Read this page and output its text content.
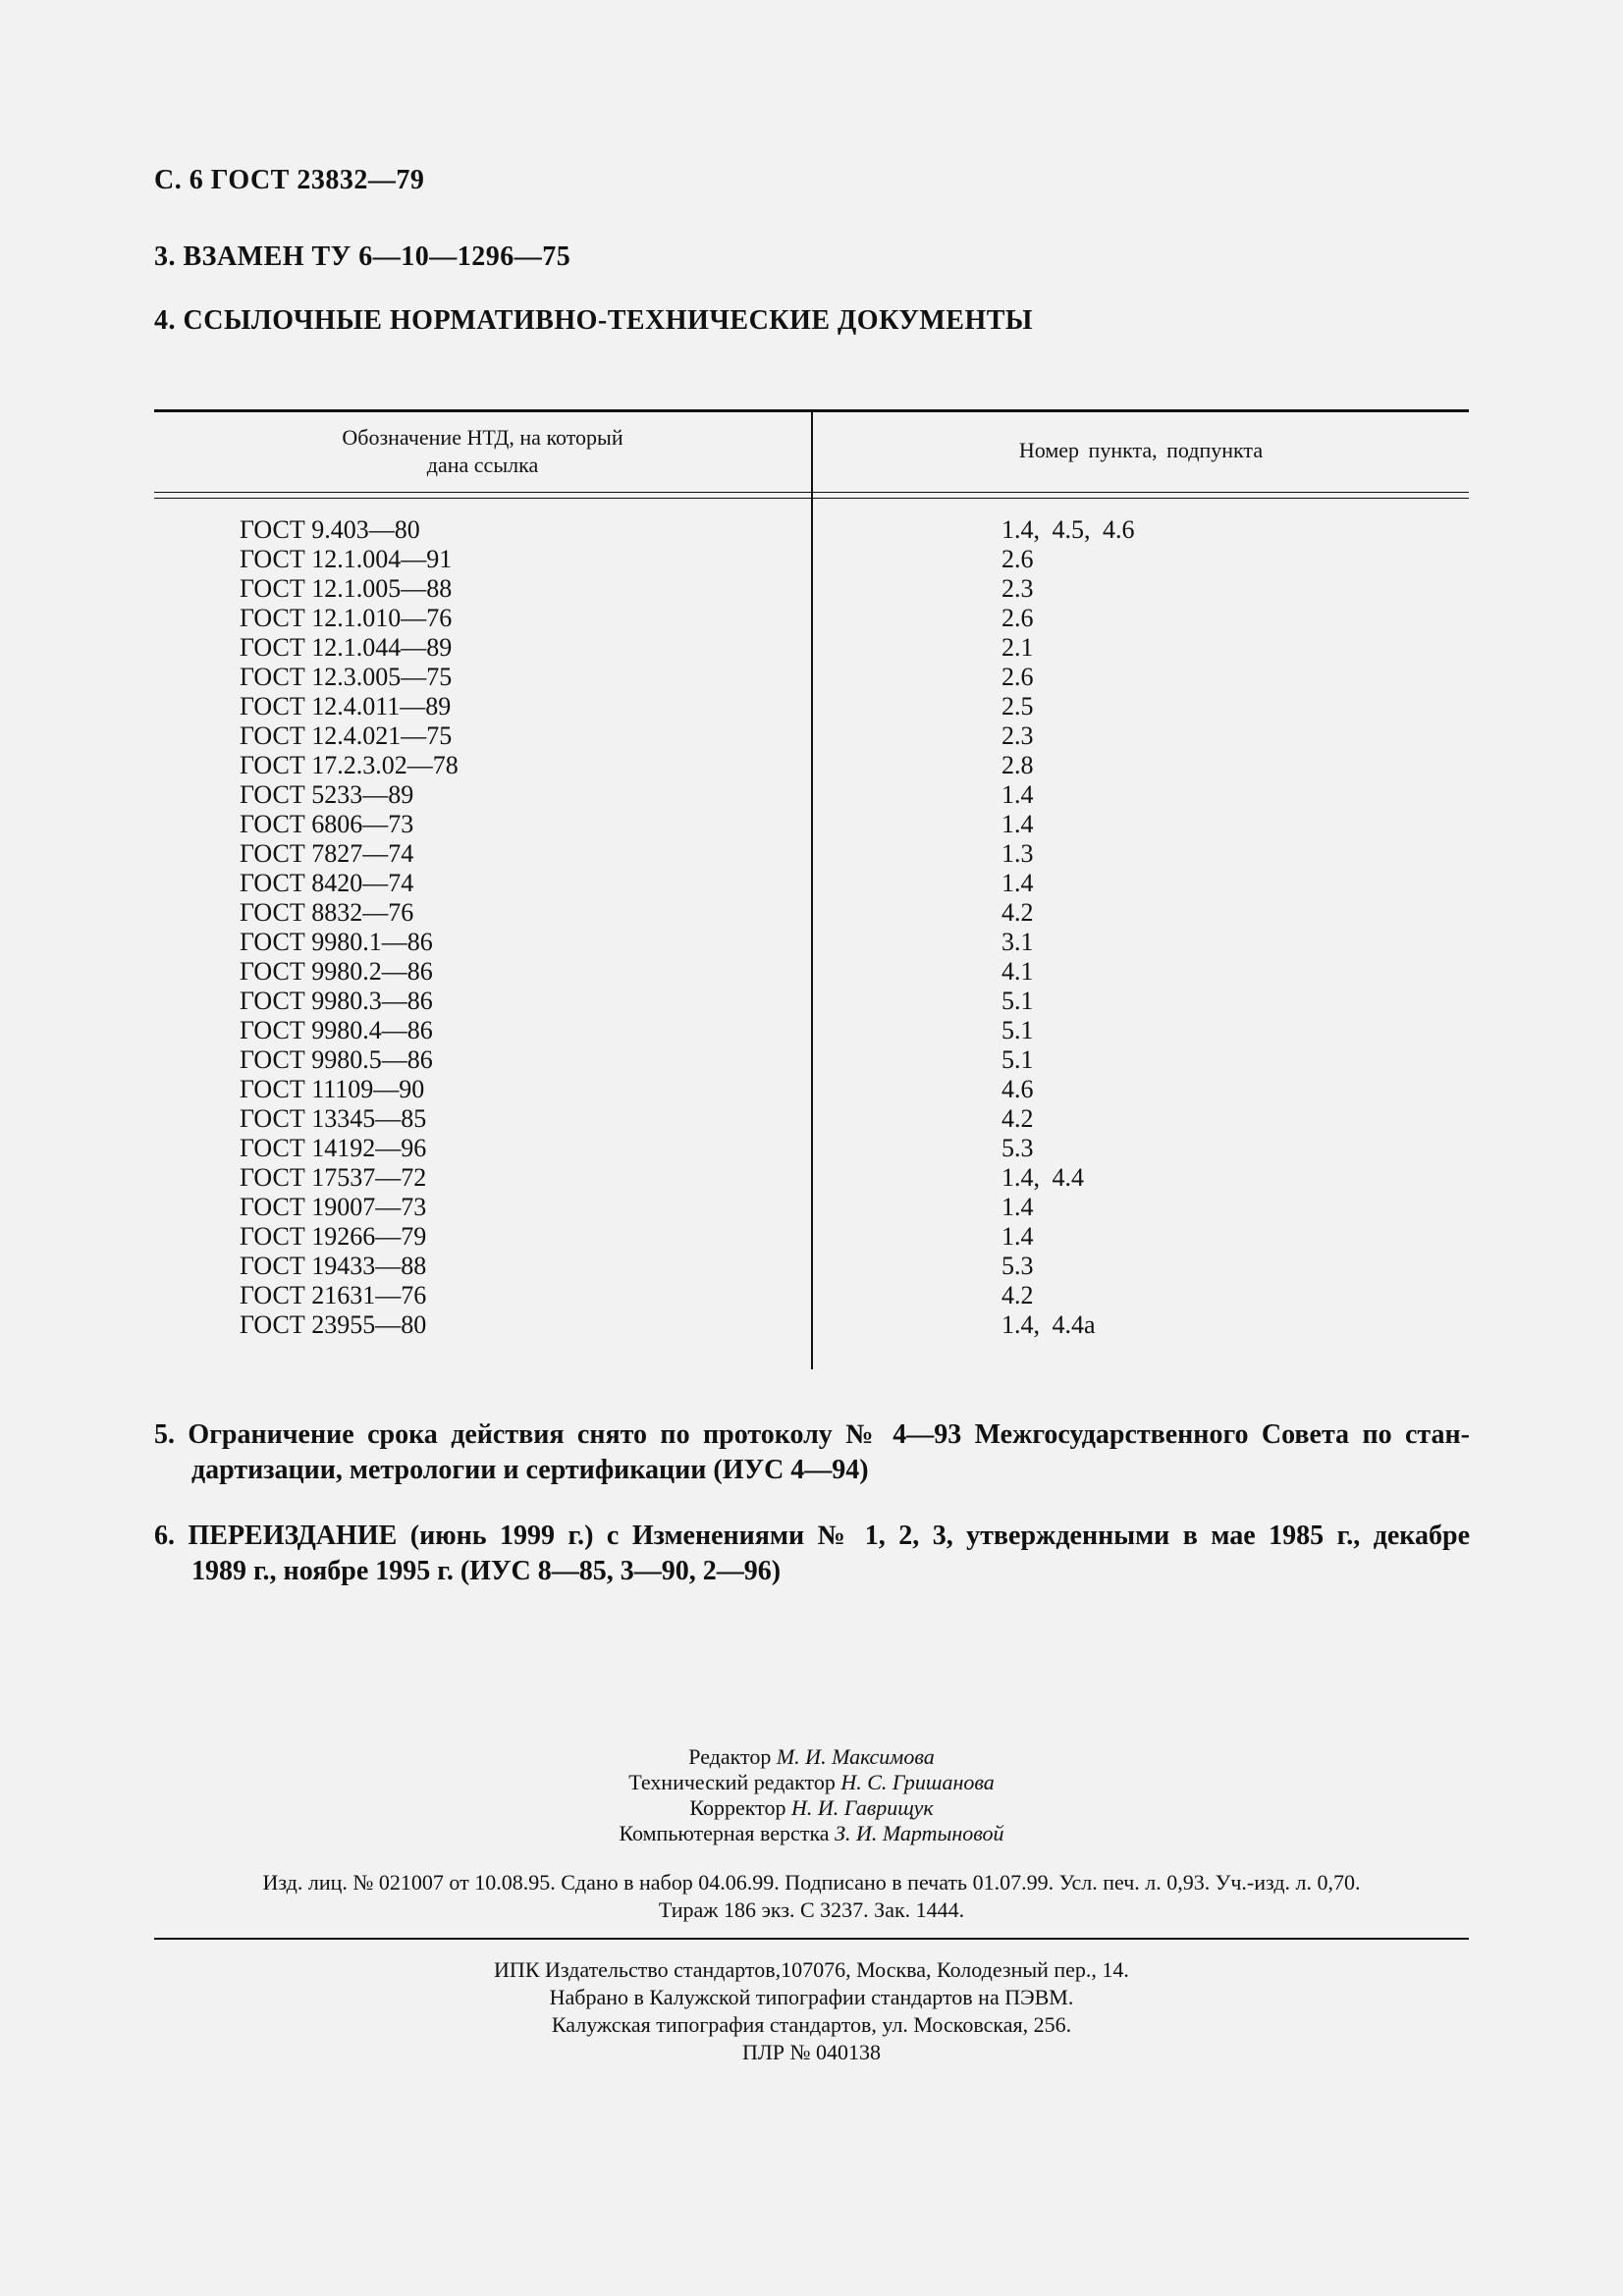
С. 6 ГОСТ 23832—79
3. ВЗАМЕН ТУ 6—10—1296—75
4. ССЫЛОЧНЫЕ НОРМАТИВНО-ТЕХНИЧЕСКИЕ ДОКУМЕНТЫ
Обозначение НТД, на который
дана ссылка
Номер пункта, подпункта
ГОСТ 9.403—80
ГОСТ 12.1.004—91
ГОСТ 12.1.005—88
ГОСТ 12.1.010—76
ГОСТ 12.1.044—89
ГОСТ 12.3.005—75
ГОСТ 12.4.011—89
ГОСТ 12.4.021—75
ГОСТ 17.2.3.02—78
ГОСТ 5233—89
ГОСТ 6806—73
ГОСТ 7827—74
ГОСТ 8420—74
ГОСТ 8832—76
ГОСТ 9980.1—86
ГОСТ 9980.2—86
ГОСТ 9980.3—86
ГОСТ 9980.4—86
ГОСТ 9980.5—86
ГОСТ 11109—90
ГОСТ 13345—85
ГОСТ 14192—96
ГОСТ 17537—72
ГОСТ 19007—73
ГОСТ 19266—79
ГОСТ 19433—88
ГОСТ 21631—76
ГОСТ 23955—80
1.4, 4.5, 4.6
2.6
2.3
2.6
2.1
2.6
2.5
2.3
2.8
1.4
1.4
1.3
1.4
4.2
3.1
4.1
5.1
5.1
5.1
4.6
4.2
5.3
1.4, 4.4
1.4
1.4
5.3
4.2
1.4, 4.4а
5. Ограничение срока действия снято по протоколу № 4—93 Межгосударственного Совета по стан-
дартизации, метрологии и сертификации (ИУС 4—94)
6. ПЕРЕИЗДАНИЕ (июнь 1999 г.) с Изменениями № 1, 2, 3, утвержденными в мае 1985 г., декабре
1989 г., ноябре 1995 г. (ИУС 8—85, 3—90, 2—96)
Редактор М. И. Максимова
Технический редактор Н. С. Гришанова
Корректор Н. И. Гаврищук
Компьютерная верстка З. И. Мартыновой
Изд. лиц. № 021007 от 10.08.95. Сдано в набор 04.06.99. Подписано в печать 01.07.99. Усл. печ. л. 0,93. Уч.-изд. л. 0,70.
Тираж 186 экз. С 3237. Зак. 1444.
ИПК Издательство стандартов,107076, Москва, Колодезный пер., 14.
Набрано в Калужской типографии стандартов на ПЭВМ.
Калужская типография стандартов, ул. Московская, 256.
ПЛР № 040138
